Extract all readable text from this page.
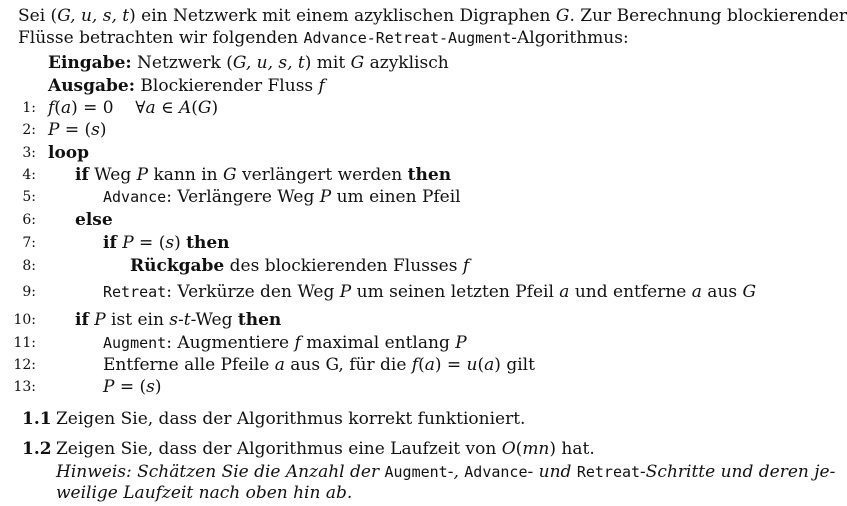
Sei (G, u, s, t) ein Netzwerk mit einem azyklischen Digraphen G. Zur Berechnung blockierender
Flüsse betrachten wir folgenden Advance-Retreat-Augment-Algorithmus:
Eingabe: Netzwerk (G, u, s, t) mit G azyklisch
Ausgabe: Blockierender Fluss f
1:
2:
3:
4:
5:
6:
7:
8:
9:
10:
11:
12:
13:
f(a) = 0    ∀a ∈ A(G)
P = (s)
loop
if Weg P kann in G verlängert werden then
Advance: Verlängere Weg P um einen Pfeil
else
if P = (s) then
Rückgabe des blockierenden Flusses f
Retreat: Verkürze den Weg P um seinen letzten Pfeil a und entferne a aus G
if P ist ein s-t-Weg then
Augment: Augmentiere f maximal entlang P
Entferne alle Pfeile a aus G, für die f(a) = u(a) gilt
P = (s)
1.1 Zeigen Sie, dass der Algorithmus korrekt funktioniert.
1.2 Zeigen Sie, dass der Algorithmus eine Laufzeit von O(mn) hat.
Hinweis: Schätzen Sie die Anzahl der Augment-, Advance- und Retreat-Schritte und deren je-
weilige Laufzeit nach oben hin ab.
